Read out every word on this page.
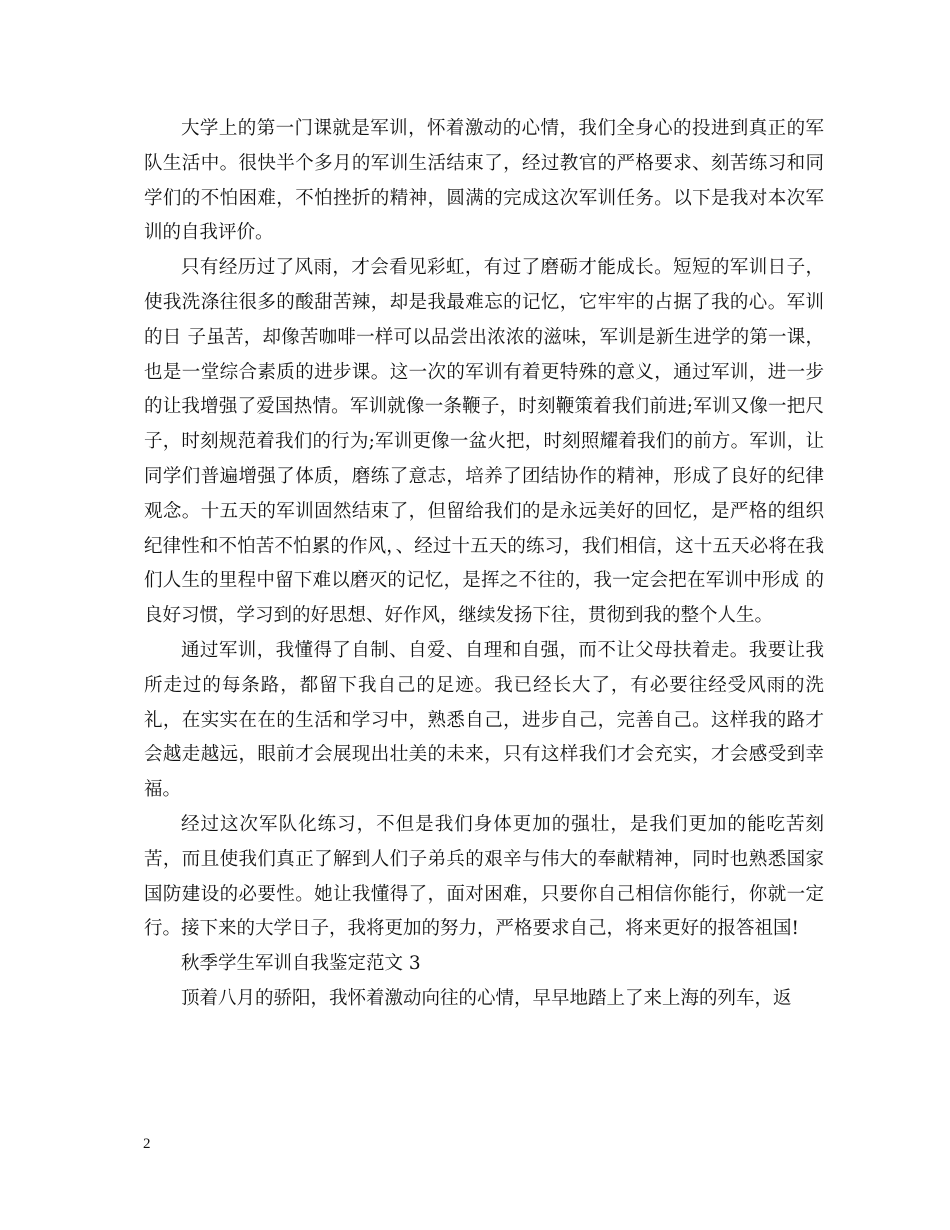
大学上的第一门课就是军训，怀着激动的心情，我们全身心的投进到真正的军队生活中。很快半个多月的军训生活结束了，经过教官的严格要求、刻苦练习和同学们的不怕困难，不怕挫折的精神，圆满的完成这次军训任务。以下是我对本次军训的自我评价。

只有经历过了风雨，才会看见彩虹，有过了磨砺才能成长。短短的军训日子，使我洗涤往很多的酸甜苦辣，却是我最难忘的记忆，它牢牢的占据了我的心。军训的日 子虽苦，却像苦咖啡一样可以品尝出浓浓的滋味，军训是新生进学的第一课，也是一堂综合素质的进步课。这一次的军训有着更特殊的意义，通过军训，进一步的让我增强了爱国热情。军训就像一条鞭子，时刻鞭策着我们前进;军训又像一把尺子，时刻规范着我们的行为;军训更像一盆火把，时刻照耀着我们的前方。军训，让 同学们普遍增强了体质，磨练了意志，培养了团结协作的精神，形成了良好的纪律观念。十五天的军训固然结束了，但留给我们的是永远美好的回忆，是严格的组织纪律性和不怕苦不怕累的作风，、经过十五天的练习，我们相信，这十五天必将在我们人生的里程中留下难以磨灭的记忆，是挥之不往的，我一定会把在军训中形成 的良好习惯，学习到的好思想、好作风，继续发扬下往，贯彻到我的整个人生。

通过军训，我懂得了自制、自爱、自理和自强，而不让父母扶着走。我要让我所走过的每条路，都留下我自己的足迹。我已经长大了，有必要往经受风雨的洗礼，在实实在在的生活和学习中，熟悉自己，进步自己，完善自己。这样我的路才会越走越远，眼前才会展现出壮美的未来，只有这样我们才会充实，才会感受到幸福。

经过这次军队化练习，不但是我们身体更加的强壮，是我们更加的能吃苦刻苦，而且使我们真正了解到人们子弟兵的艰辛与伟大的奉献精神，同时也熟悉国家国防建设的必要性。她让我懂得了，面对困难，只要你自己相信你能行，你就一定行。接下来的大学日子，我将更加的努力，严格要求自己，将来更好的报答祖国!

秋季学生军训自我鉴定范文 3

顶着八月的骄阳，我怀着激动向往的心情，早早地踏上了来上海的列车，返

2
